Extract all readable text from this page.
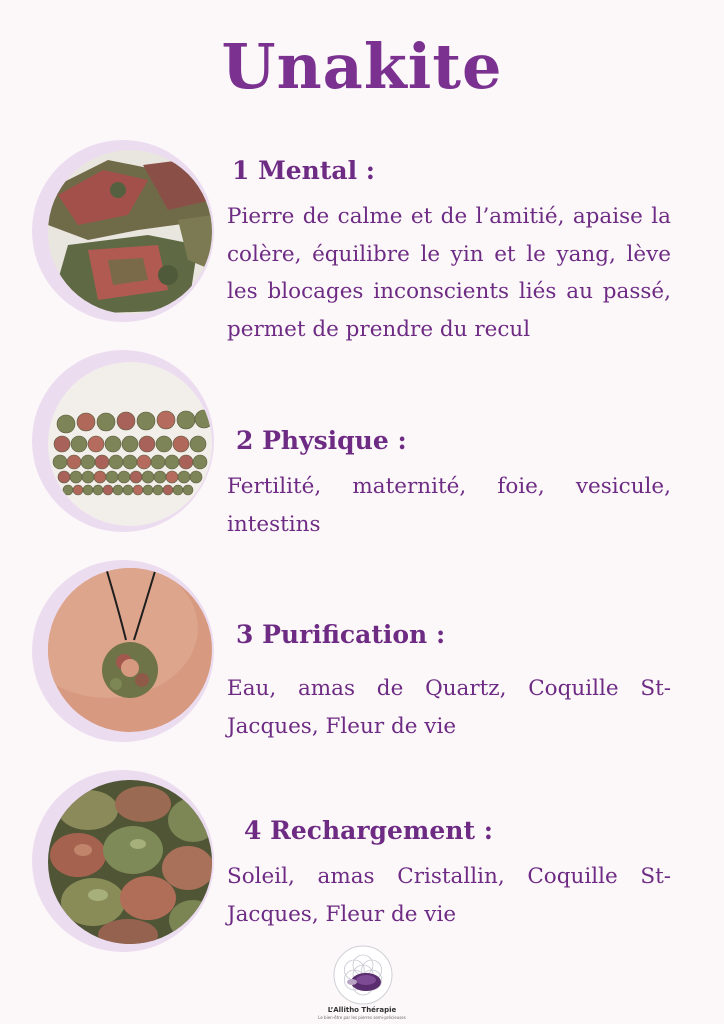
Unakite
1 Mental :

Pierre de calme et de l’amitié, apaise la colère, équilibre le yin et le yang, lève les blocages inconscients liés au passé, permet de prendre du recul

2 Physique :

Fertilité, maternité, foie, vesicule, intestins

3 Purification :

Eau, amas de Quartz, Coquille St-Jacques, Fleur de vie

4 Rechargement :

Soleil, amas Cristallin, Coquille St-Jacques, Fleur de vie

L’Allitho Thérapie
Le bien-être par les pierres semi-précieuses
